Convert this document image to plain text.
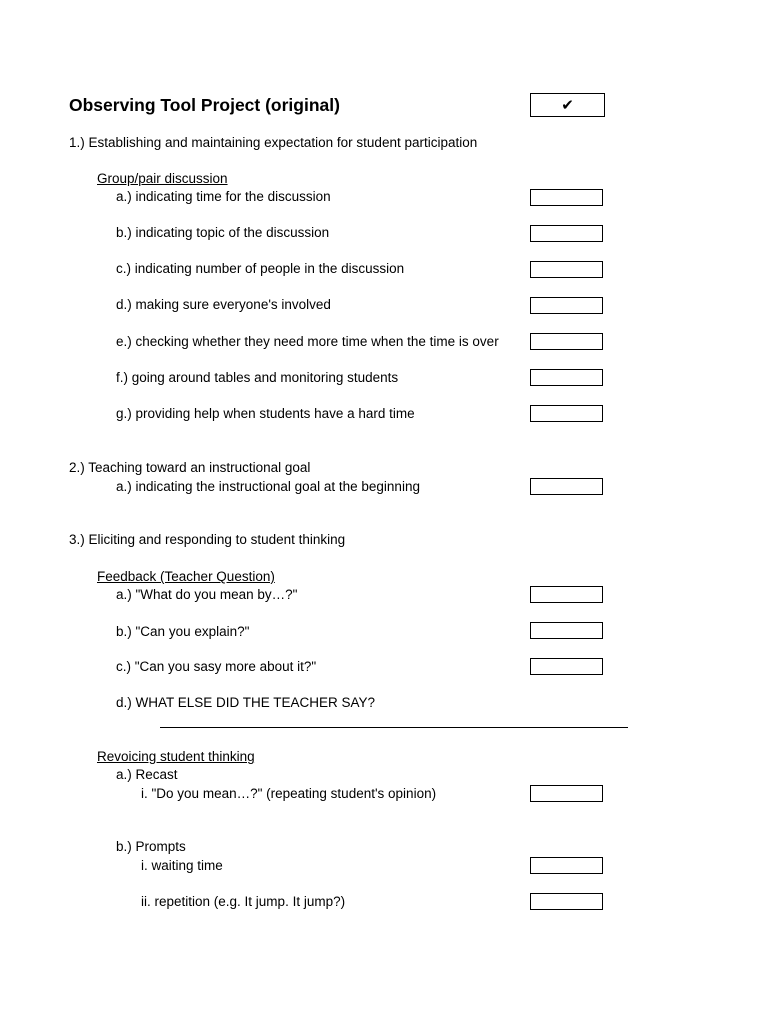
Observing Tool Project (original)	✔
1.) Establishing and maintaining expectation for student participation
Group/pair discussion
a.) indicating time for the discussion
b.) indicating topic of the discussion
c.) indicating number of people in the discussion
d.) making sure everyone's involved
e.) checking whether they need more time when the time is over
f.) going around tables and monitoring students
g.) providing help when students have a hard time
2.) Teaching toward an instructional goal
a.) indicating the instructional goal at the beginning
3.) Eliciting and responding to student thinking
Feedback (Teacher Question)
a.) "What do you mean by…?"
b.) "Can you explain?"
c.) "Can you sasy more about it?"
d.) WHAT ELSE DID THE TEACHER SAY?
Revoicing student thinking
a.) Recast
i. "Do you mean…?" (repeating student's opinion)
b.) Prompts
i. waiting time
ii. repetition (e.g. It jump. It jump?)
